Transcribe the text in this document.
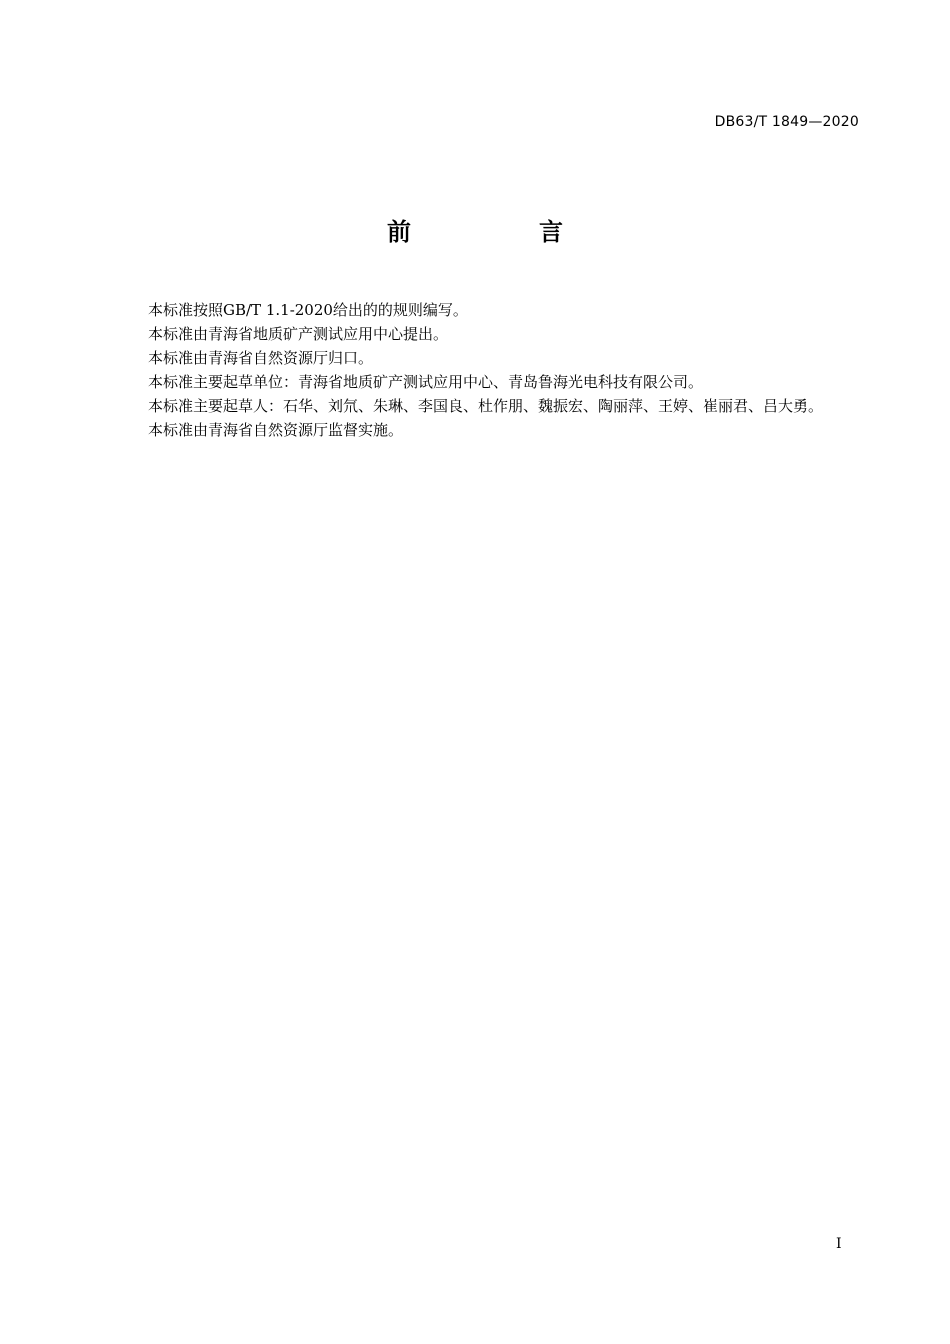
DB63/T 1849—2020
前　言

本标准按照GB/T 1.1-2020给出的的规则编写。

本标准由青海省地质矿产测试应用中心提出。

本标准由青海省自然资源厅归口。

本标准主要起草单位：青海省地质矿产测试应用中心、青岛鲁海光电科技有限公司。

本标准主要起草人：石华、刘氘、朱琳、李国良、杜作朋、魏振宏、陶丽萍、王婷、崔丽君、吕大勇。

本标准由青海省自然资源厅监督实施。

I
